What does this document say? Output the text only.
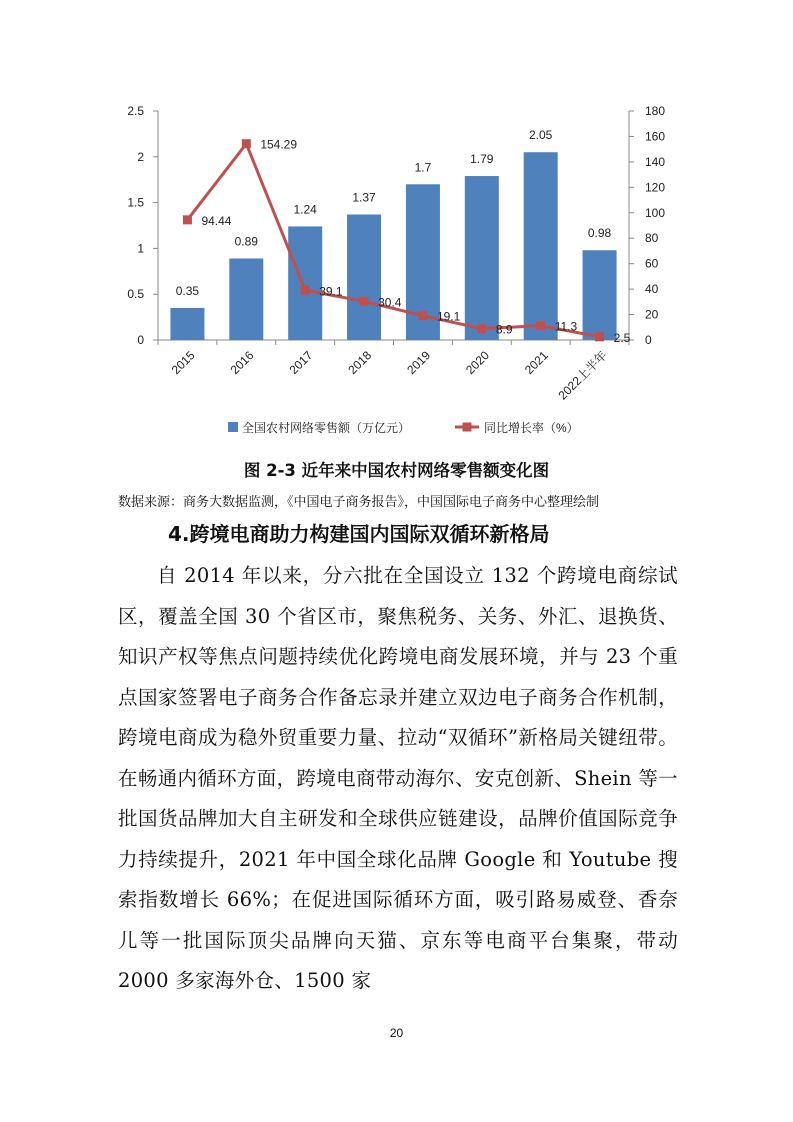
0
0.5
1
1.5
2
2.5
0
20
40
60
80
100
120
140
160
180
2015	2016	2017	2018	2019	2020	2021 2022上半年
0.35
0.89
1.24
1.37
1.7
1.79
2.05
0.98
94.44
154.29
39.1
30.4
19.1
8.9	11.3
2.5
全国农村网络零售额（万亿元）	同比增长率（%）
图 2-3 近年来中国农村网络零售额变化图
数据来源：商务大数据监测，《中国电子商务报告》，中国国际电子商务中心整理绘制
4.跨境电商助力构建国内国际双循环新格局

自 2014 年以来，分六批在全国设立 132 个跨境电商综试区，覆盖全国 30 个省区市，聚焦税务、关务、外汇、退换货、知识产权等焦点问题持续优化跨境电商发展环境，并与 23 个重点国家签署电子商务合作备忘录并建立双边电子商务合作机制，跨境电商成为稳外贸重要力量、拉动“双循环”新格局关键纽带。在畅通内循环方面，跨境电商带动海尔、安克创新、Shein 等一批国货品牌加大自主研发和全球供应链建设，品牌价值国际竞争力持续提升，2021 年中国全球化品牌 Google 和 Youtube 搜索指数增长 66%；在促进国际循环方面，吸引路易威登、香奈儿等一批国际顶尖品牌向天猫、京东等电商平台集聚，带动 2000 多家海外仓、1500 家

20
